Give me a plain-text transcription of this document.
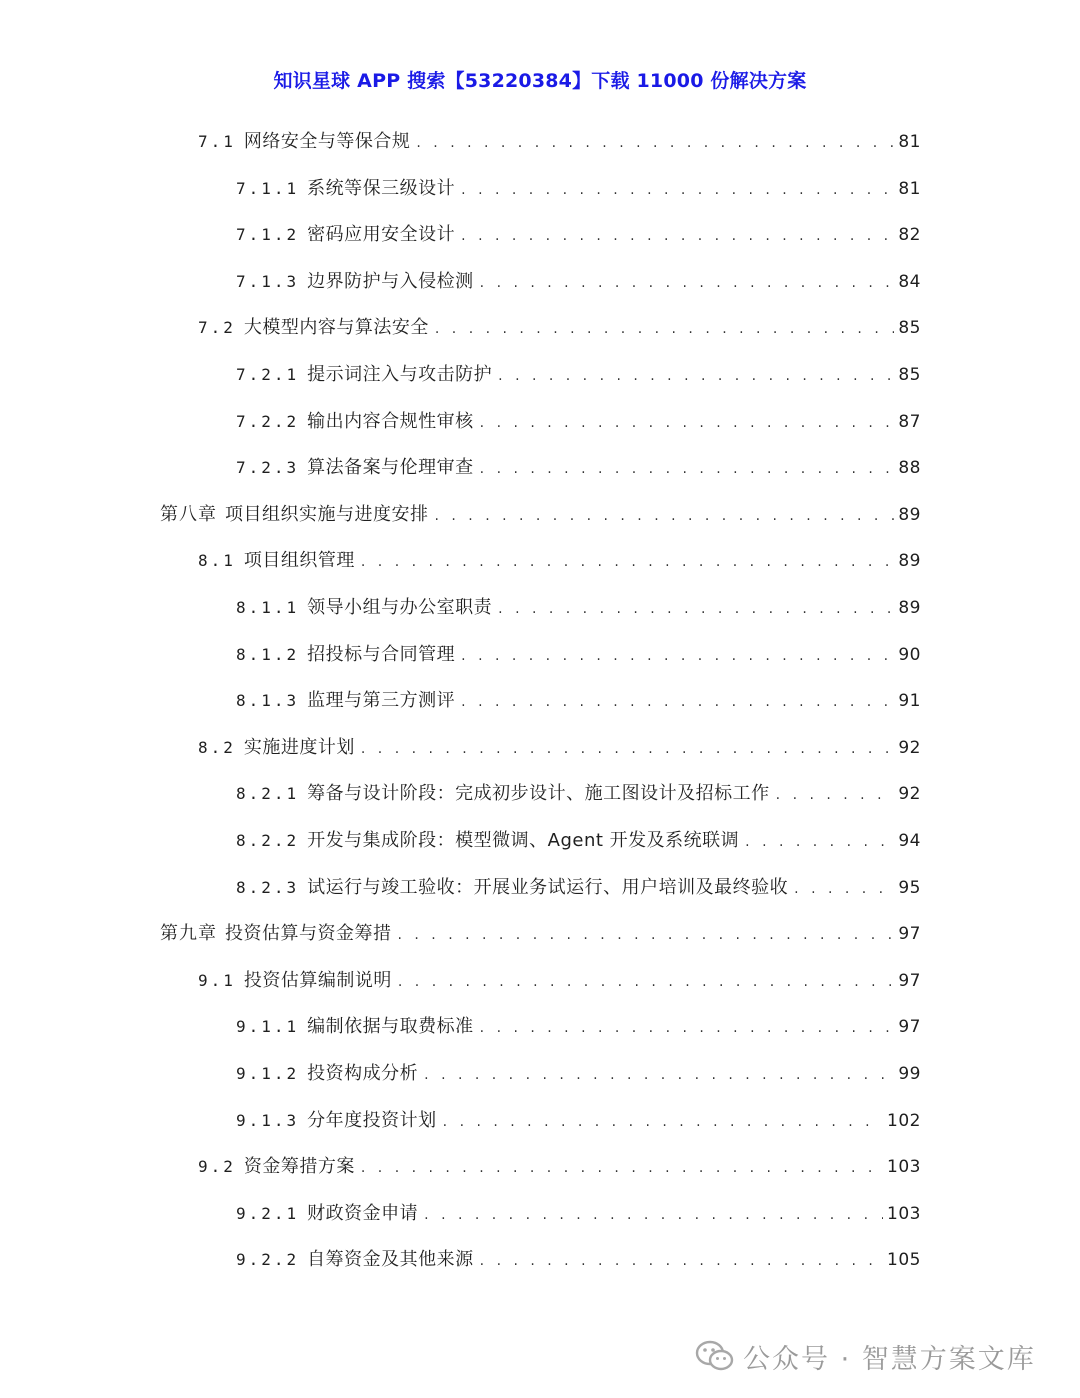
知识星球 APP 搜索【53220384】下载 11000 份解决方案
7.1 网络安全与等保合规 . . .	81
7.1.1 系统等保三级设计 . . .	81
7.1.2 密码应用安全设计 . . .	82
7.1.3 边界防护与入侵检测 . . .	84
7.2 大模型内容与算法安全 . . .	85
7.2.1 提示词注入与攻击防护 . . .	85
7.2.2 输出内容合规性审核 . . .	87
7.2.3 算法备案与伦理审查 . . .	88
第八章 项目组织实施与进度安排 . . .	89
8.1 项目组织管理 . . .	89
8.1.1 领导小组与办公室职责 . . .	89
8.1.2 招投标与合同管理 . . .	90
8.1.3 监理与第三方测评 . . .	91
8.2 实施进度计划 . . .	92
8.2.1 筹备与设计阶段：完成初步设计、施工图设计及招标工作 . . .	92
8.2.2 开发与集成阶段：模型微调、Agent 开发及系统联调 . . .	94
8.2.3 试运行与竣工验收：开展业务试运行、用户培训及最终验收 . . .	95
第九章 投资估算与资金筹措 . . .	97
9.1 投资估算编制说明 . . .	97
9.1.1 编制依据与取费标准 . . .	97
9.1.2 投资构成分析 . . .	99
9.1.3 分年度投资计划 . . .	102
9.2 资金筹措方案 . . .	103
9.2.1 财政资金申请 . . .	103
9.2.2 自筹资金及其他来源 . . .	105
公众号 · 智慧方案文库
